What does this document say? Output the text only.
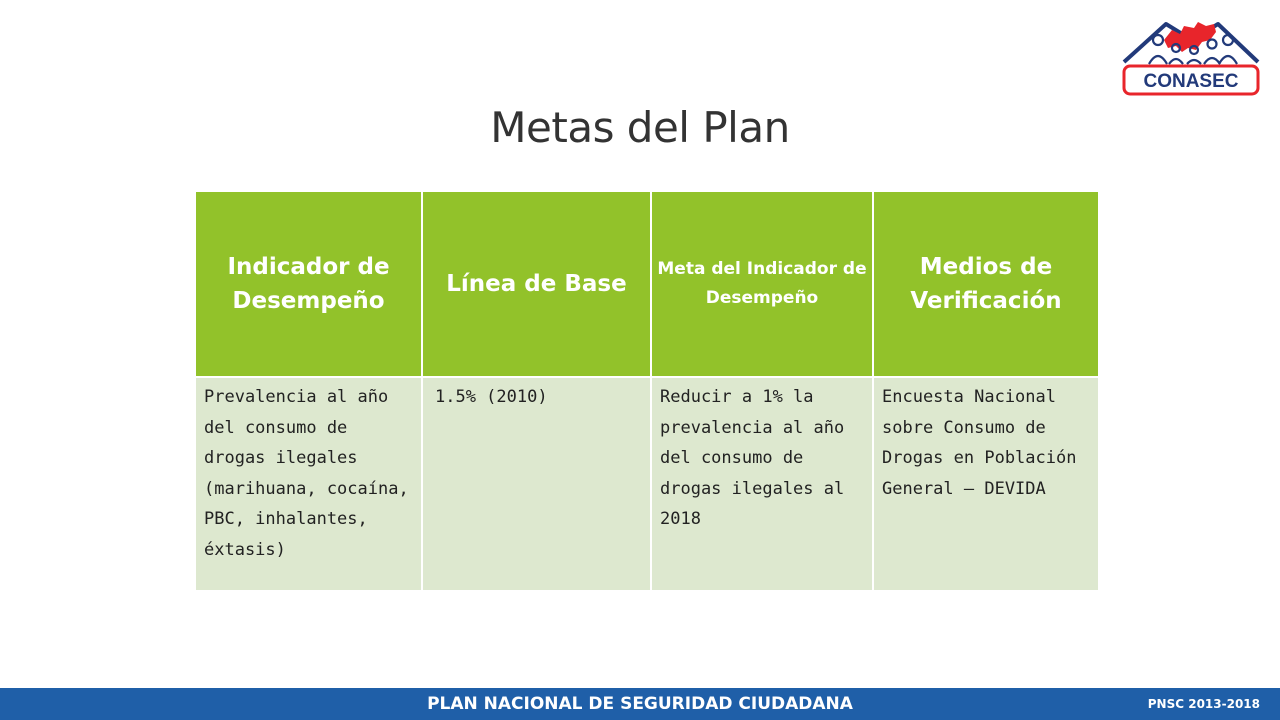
CONASEC
Metas del Plan
Indicador de Desempeño	Línea de Base	Meta del Indicador de Desempeño	Medios de Verificación
Prevalencia al año del consumo de drogas ilegales (marihuana, cocaína, PBC, inhalantes, éxtasis)	1.5% (2010)	Reducir a 1% la prevalencia al año del consumo de drogas ilegales al 2018	Encuesta Nacional sobre Consumo de Drogas en Población General – DEVIDA
PLAN NACIONAL DE SEGURIDAD CIUDADANA	PNSC 2013-2018
